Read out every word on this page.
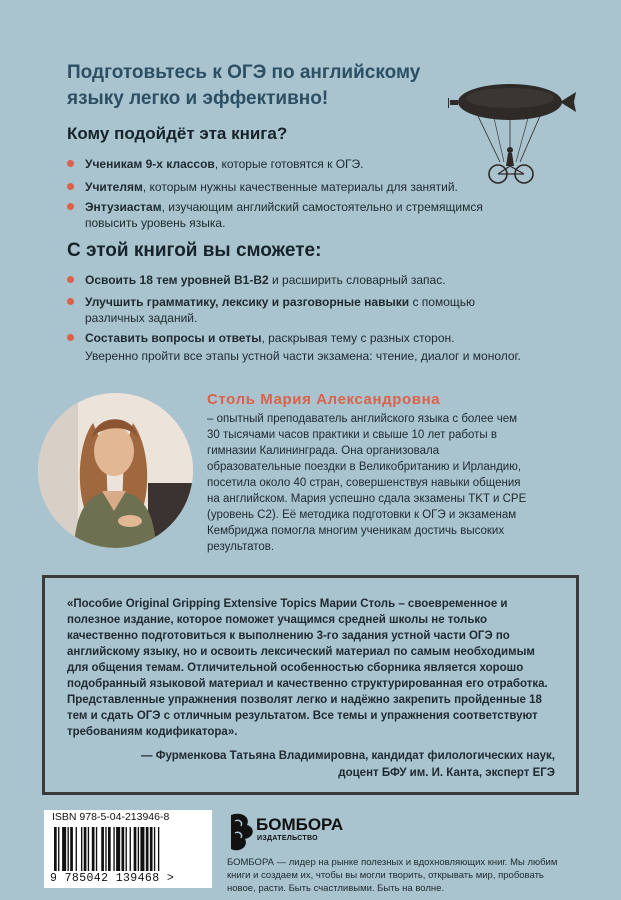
Подготовьтесь к ОГЭ по английскому
языку легко и эффективно!
Кому подойдёт эта книга?
Ученикам 9-х классов, которые готовятся к ОГЭ.
Учителям, которым нужны качественные материалы для занятий.
Энтузиастам, изучающим английский самостоятельно и стремящимся повысить уровень языка.
С этой книгой вы сможете:
Освоить 18 тем уровней B1-B2 и расширить словарный запас.
Улучшить грамматику, лексику и разговорные навыки с помощью различных заданий.
Составить вопросы и ответы, раскрывая тему с разных сторон.
Уверенно пройти все этапы устной части экзамена: чтение, диалог и монолог.
Столь Мария Александровна
– опытный преподаватель английского языка с более чем 30 тысячами часов практики и свыше 10 лет работы в гимназии Калининграда. Она организовала образовательные поездки в Великобританию и Ирландию, посетила около 40 стран, совершенствуя навыки общения на английском. Мария успешно сдала экзамены TKT и CPE (уровень C2). Её методика подготовки к ОГЭ и экзаменам Кембриджа помогла многим ученикам достичь высоких результатов.
«Пособие Original Gripping Extensive Topics Марии Столь – своевременное и полезное издание, которое поможет учащимся средней школы не только качественно подготовиться к выполнению 3-го задания устной части ОГЭ по английскому языку, но и освоить лексический материал по самым необходимым для общения темам. Отличительной особенностью сборника является хорошо подобранный языковой материал и качественно структурированная его отработка. Представленные упражнения позволят легко и надёжно закрепить пройденные 18 тем и сдать ОГЭ с отличным результатом. Все темы и упражнения соответствуют требованиям кодификатора».
— Фурменкова Татьяна Владимировна, кандидат филологических наук,
доцент БФУ им. И. Канта, эксперт ЕГЭ
ISBN 978-5-04-213946-8
9 785042 139468 >
БОМБОРА
ИЗДАТЕЛЬСТВО
БОМБОРА — лидер на рынке полезных и вдохновляющих книг. Мы любим книги и создаем их, чтобы вы могли творить, открывать мир, пробовать новое, расти. Быть счастливыми. Быть на волне.
